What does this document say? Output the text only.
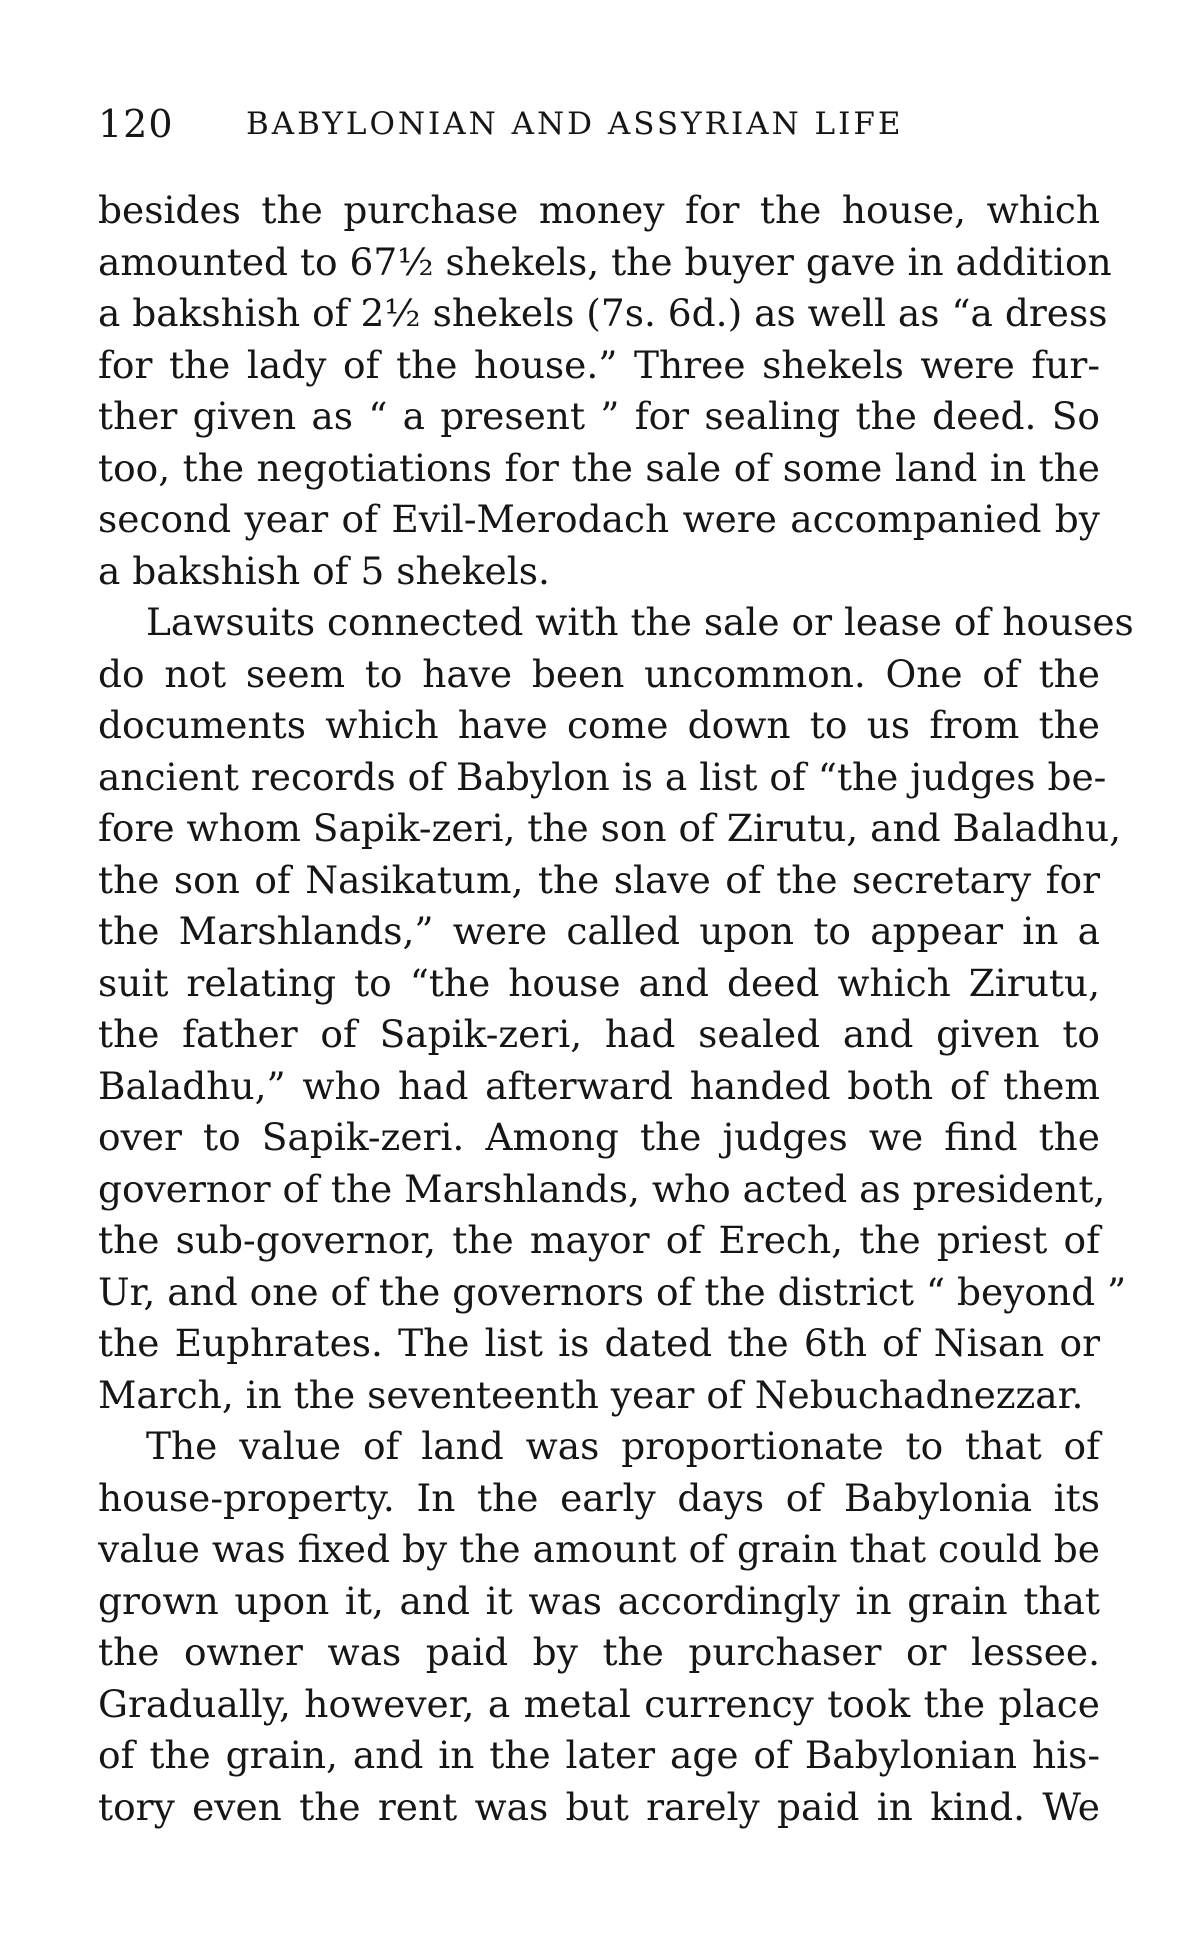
120 BABYLONIAN AND ASSYRIAN LIFE
besides the purchase money for the house, which
amounted to 67½ shekels, the buyer gave in addition
a bakshish of 2½ shekels (7s. 6d.) as well as “a dress
for the lady of the house.” Three shekels were fur-
ther given as “ a present ” for sealing the deed. So
too, the negotiations for the sale of some land in the
second year of Evil-Merodach were accompanied by
a bakshish of 5 shekels.
Lawsuits connected with the sale or lease of houses
do not seem to have been uncommon. One of the
documents which have come down to us from the
ancient records of Babylon is a list of “the judges be-
fore whom Sapik-zeri, the son of Zirutu, and Baladhu,
the son of Nasikatum, the slave of the secretary for
the Marshlands,” were called upon to appear in a
suit relating to “the house and deed which Zirutu,
the father of Sapik-zeri, had sealed and given to
Baladhu,” who had afterward handed both of them
over to Sapik-zeri. Among the judges we find the
governor of the Marshlands, who acted as president,
the sub-governor, the mayor of Erech, the priest of
Ur, and one of the governors of the district “ beyond ”
the Euphrates. The list is dated the 6th of Nisan or
March, in the seventeenth year of Nebuchadnezzar.
The value of land was proportionate to that of
house-property. In the early days of Babylonia its
value was fixed by the amount of grain that could be
grown upon it, and it was accordingly in grain that
the owner was paid by the purchaser or lessee.
Gradually, however, a metal currency took the place
of the grain, and in the later age of Babylonian his-
tory even the rent was but rarely paid in kind. We
